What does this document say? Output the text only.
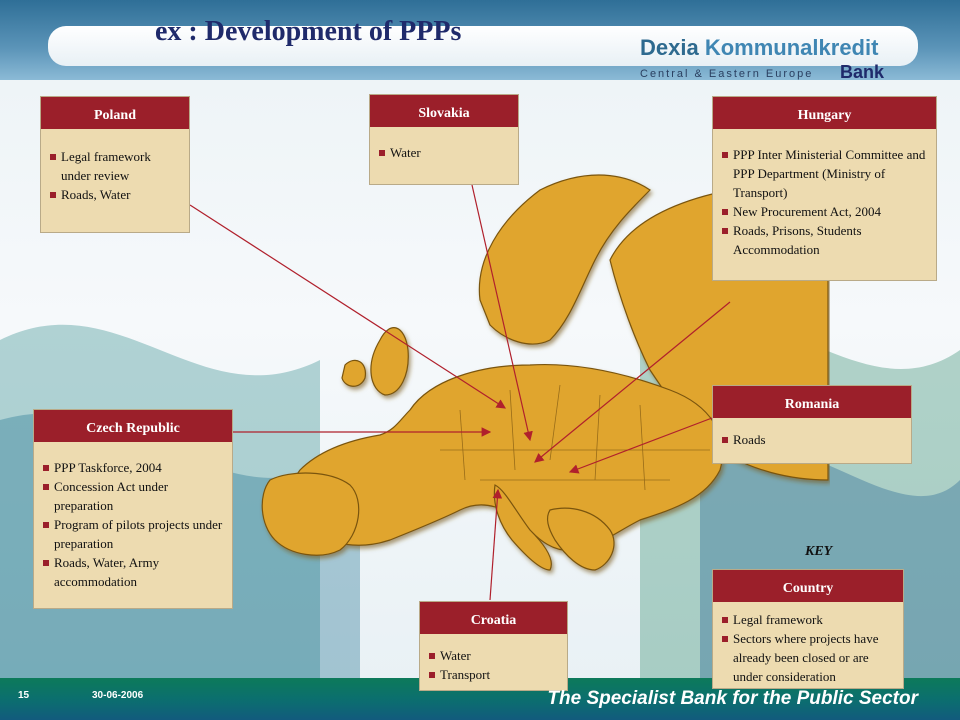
ex : Development of PPPs
Dexia Kommunalkredit
Central & Eastern Europe Bank
Poland
Legal framework under review
Roads, Water
Slovakia
Water
Hungary
PPP Inter Ministerial Committee and PPP Department (Ministry of Transport)
New Procurement Act, 2004
Roads, Prisons, Students Accommodation
Czech Republic
PPP Taskforce, 2004
Concession Act under preparation
Program of pilots projects under preparation
Roads, Water, Army accommodation
Romania
Roads
Croatia
Water
Transport
KEY
Country
Legal framework
Sectors where projects have already been closed or are under consideration
15	30-06-2006	The Specialist Bank for the Public Sector
